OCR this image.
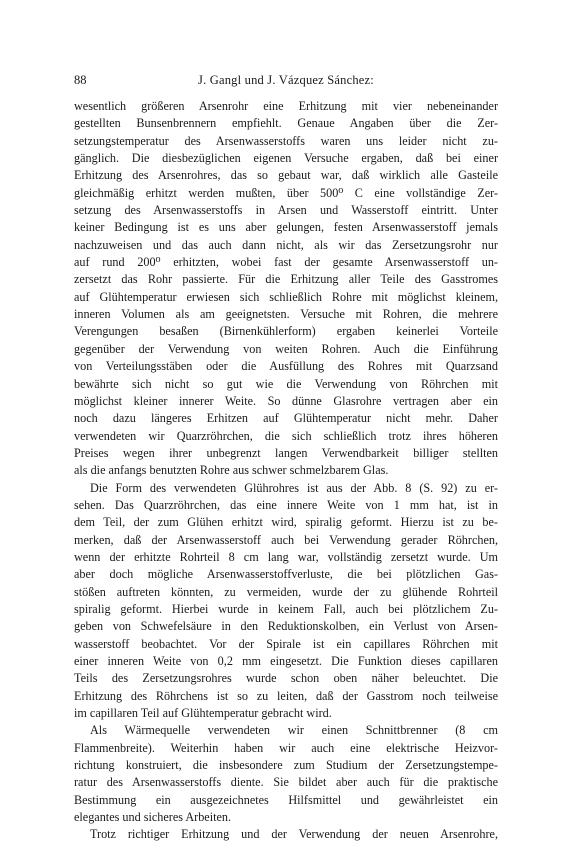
88	J. Gangl und J. Vázquez Sánchez:
wesentlich größeren Arsenrohr eine Erhitzung mit vier nebeneinander
gestellten Bunsenbrennern empfiehlt. Genaue Angaben über die Zer-
setzungstemperatur des Arsenwasserstoffs waren uns leider nicht zu-
gänglich. Die diesbezüglichen eigenen Versuche ergaben, daß bei einer
Erhitzung des Arsenrohres, das so gebaut war, daß wirklich alle Gasteile
gleichmäßig erhitzt werden mußten, über 500⁰ C eine vollständige Zer-
setzung des Arsenwasserstoffs in Arsen und Wasserstoff eintritt. Unter
keiner Bedingung ist es uns aber gelungen, festen Arsenwasserstoff jemals
nachzuweisen und das auch dann nicht, als wir das Zersetzungsrohr nur
auf rund 200⁰ erhitzten, wobei fast der gesamte Arsenwasserstoff un-
zersetzt das Rohr passierte. Für die Erhitzung aller Teile des Gasstromes
auf Glühtemperatur erwiesen sich schließlich Rohre mit möglichst kleinem,
inneren Volumen als am geeignetsten. Versuche mit Rohren, die mehrere
Verengungen besaßen (Birnenkühlerform) ergaben keinerlei Vorteile
gegenüber der Verwendung von weiten Rohren. Auch die Einführung
von Verteilungsstäben oder die Ausfüllung des Rohres mit Quarzsand
bewährte sich nicht so gut wie die Verwendung von Röhrchen mit
möglichst kleiner innerer Weite. So dünne Glasrohre vertragen aber ein
noch dazu längeres Erhitzen auf Glühtemperatur nicht mehr. Daher
verwendeten wir Quarzröhrchen, die sich schließlich trotz ihres höheren
Preises wegen ihrer unbegrenzt langen Verwendbarkeit billiger stellten
als die anfangs benutzten Rohre aus schwer schmelzbarem Glas.
Die Form des verwendeten Glührohres ist aus der Abb. 8 (S. 92) zu er-
sehen. Das Quarzröhrchen, das eine innere Weite von 1 mm hat, ist in
dem Teil, der zum Glühen erhitzt wird, spiralig geformt. Hierzu ist zu be-
merken, daß der Arsenwasserstoff auch bei Verwendung gerader Röhrchen,
wenn der erhitzte Rohrteil 8 cm lang war, vollständig zersetzt wurde. Um
aber doch mögliche Arsenwasserstoffverluste, die bei plötzlichen Gas-
stößen auftreten könnten, zu vermeiden, wurde der zu glühende Rohrteil
spiralig geformt. Hierbei wurde in keinem Fall, auch bei plötzlichem Zu-
geben von Schwefelsäure in den Reduktionskolben, ein Verlust von Arsen-
wasserstoff beobachtet. Vor der Spirale ist ein capillares Röhrchen mit
einer inneren Weite von 0,2 mm eingesetzt. Die Funktion dieses capillaren
Teils des Zersetzungsrohres wurde schon oben näher beleuchtet. Die
Erhitzung des Röhrchens ist so zu leiten, daß der Gasstrom noch teilweise
im capillaren Teil auf Glühtemperatur gebracht wird.
Als Wärmequelle verwendeten wir einen Schnittbrenner (8 cm
Flammenbreite). Weiterhin haben wir auch eine elektrische Heizvor-
richtung konstruiert, die insbesondere zum Studium der Zersetzungstempe-
ratur des Arsenwasserstoffs diente. Sie bildet aber auch für die praktische
Bestimmung ein ausgezeichnetes Hilfsmittel und gewährleistet ein
elegantes und sicheres Arbeiten.
Trotz richtiger Erhitzung und der Verwendung der neuen Arsenrohre,
